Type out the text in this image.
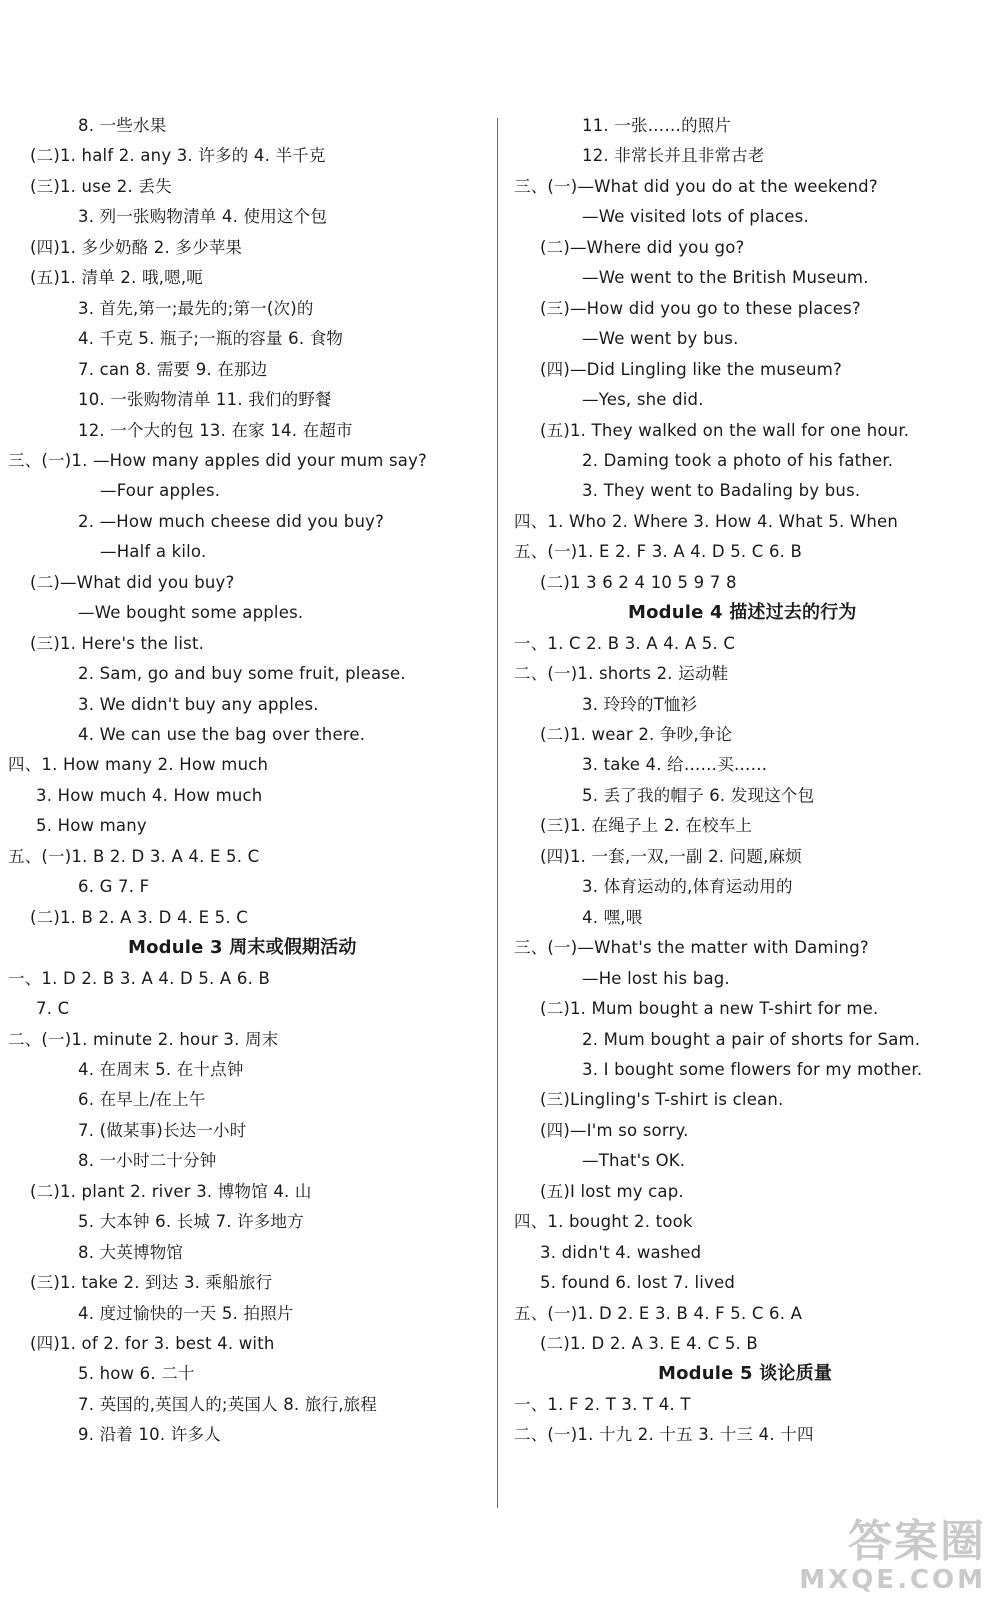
8. 一些水果
(二)1. half 2. any 3. 许多的 4. 半千克
(三)1. use 2. 丢失
3. 列一张购物清单 4. 使用这个包
(四)1. 多少奶酪 2. 多少苹果
(五)1. 清单 2. 哦,嗯,呃
3. 首先,第一;最先的;第一(次)的
4. 千克 5. 瓶子;一瓶的容量 6. 食物
7. can 8. 需要 9. 在那边
10. 一张购物清单 11. 我们的野餐
12. 一个大的包 13. 在家 14. 在超市
三、(一)1. —How many apples did your mum say?
—Four apples.
2. —How much cheese did you buy?
—Half a kilo.
(二)—What did you buy?
—We bought some apples.
(三)1. Here's the list.
2. Sam, go and buy some fruit, please.
3. We didn't buy any apples.
4. We can use the bag over there.
四、1. How many 2. How much
3. How much 4. How much
5. How many
五、(一)1. B 2. D 3. A 4. E 5. C
6. G 7. F
(二)1. B 2. A 3. D 4. E 5. C
Module 3 周末或假期活动
一、1. D 2. B 3. A 4. D 5. A 6. B
7. C
二、(一)1. minute 2. hour 3. 周末
4. 在周末 5. 在十点钟
6. 在早上/在上午
7. (做某事)长达一小时
8. 一小时二十分钟
(二)1. plant 2. river 3. 博物馆 4. 山
5. 大本钟 6. 长城 7. 许多地方
8. 大英博物馆
(三)1. take 2. 到达 3. 乘船旅行
4. 度过愉快的一天 5. 拍照片
(四)1. of 2. for 3. best 4. with
5. how 6. 二十
7. 英国的,英国人的;英国人 8. 旅行,旅程
9. 沿着 10. 许多人
11. 一张……的照片
12. 非常长并且非常古老
三、(一)—What did you do at the weekend?
—We visited lots of places.
(二)—Where did you go?
—We went to the British Museum.
(三)—How did you go to these places?
—We went by bus.
(四)—Did Lingling like the museum?
—Yes, she did.
(五)1. They walked on the wall for one hour.
2. Daming took a photo of his father.
3. They went to Badaling by bus.
四、1. Who 2. Where 3. How 4. What 5. When
五、(一)1. E 2. F 3. A 4. D 5. C 6. B
(二)1 3 6 2 4 10 5 9 7 8
Module 4 描述过去的行为
一、1. C 2. B 3. A 4. A 5. C
二、(一)1. shorts 2. 运动鞋
3. 玲玲的T恤衫
(二)1. wear 2. 争吵,争论
3. take 4. 给……买……
5. 丢了我的帽子 6. 发现这个包
(三)1. 在绳子上 2. 在校车上
(四)1. 一套,一双,一副 2. 问题,麻烦
3. 体育运动的,体育运动用的
4. 嘿,喂
三、(一)—What's the matter with Daming?
—He lost his bag.
(二)1. Mum bought a new T-shirt for me.
2. Mum bought a pair of shorts for Sam.
3. I bought some flowers for my mother.
(三)Lingling's T-shirt is clean.
(四)—I'm so sorry.
—That's OK.
(五)I lost my cap.
四、1. bought 2. took
3. didn't 4. washed
5. found 6. lost 7. lived
五、(一)1. D 2. E 3. B 4. F 5. C 6. A
(二)1. D 2. A 3. E 4. C 5. B
Module 5 谈论质量
一、1. F 2. T 3. T 4. T
二、(一)1. 十九 2. 十五 3. 十三 4. 十四
答案圈
MXQE.COM
